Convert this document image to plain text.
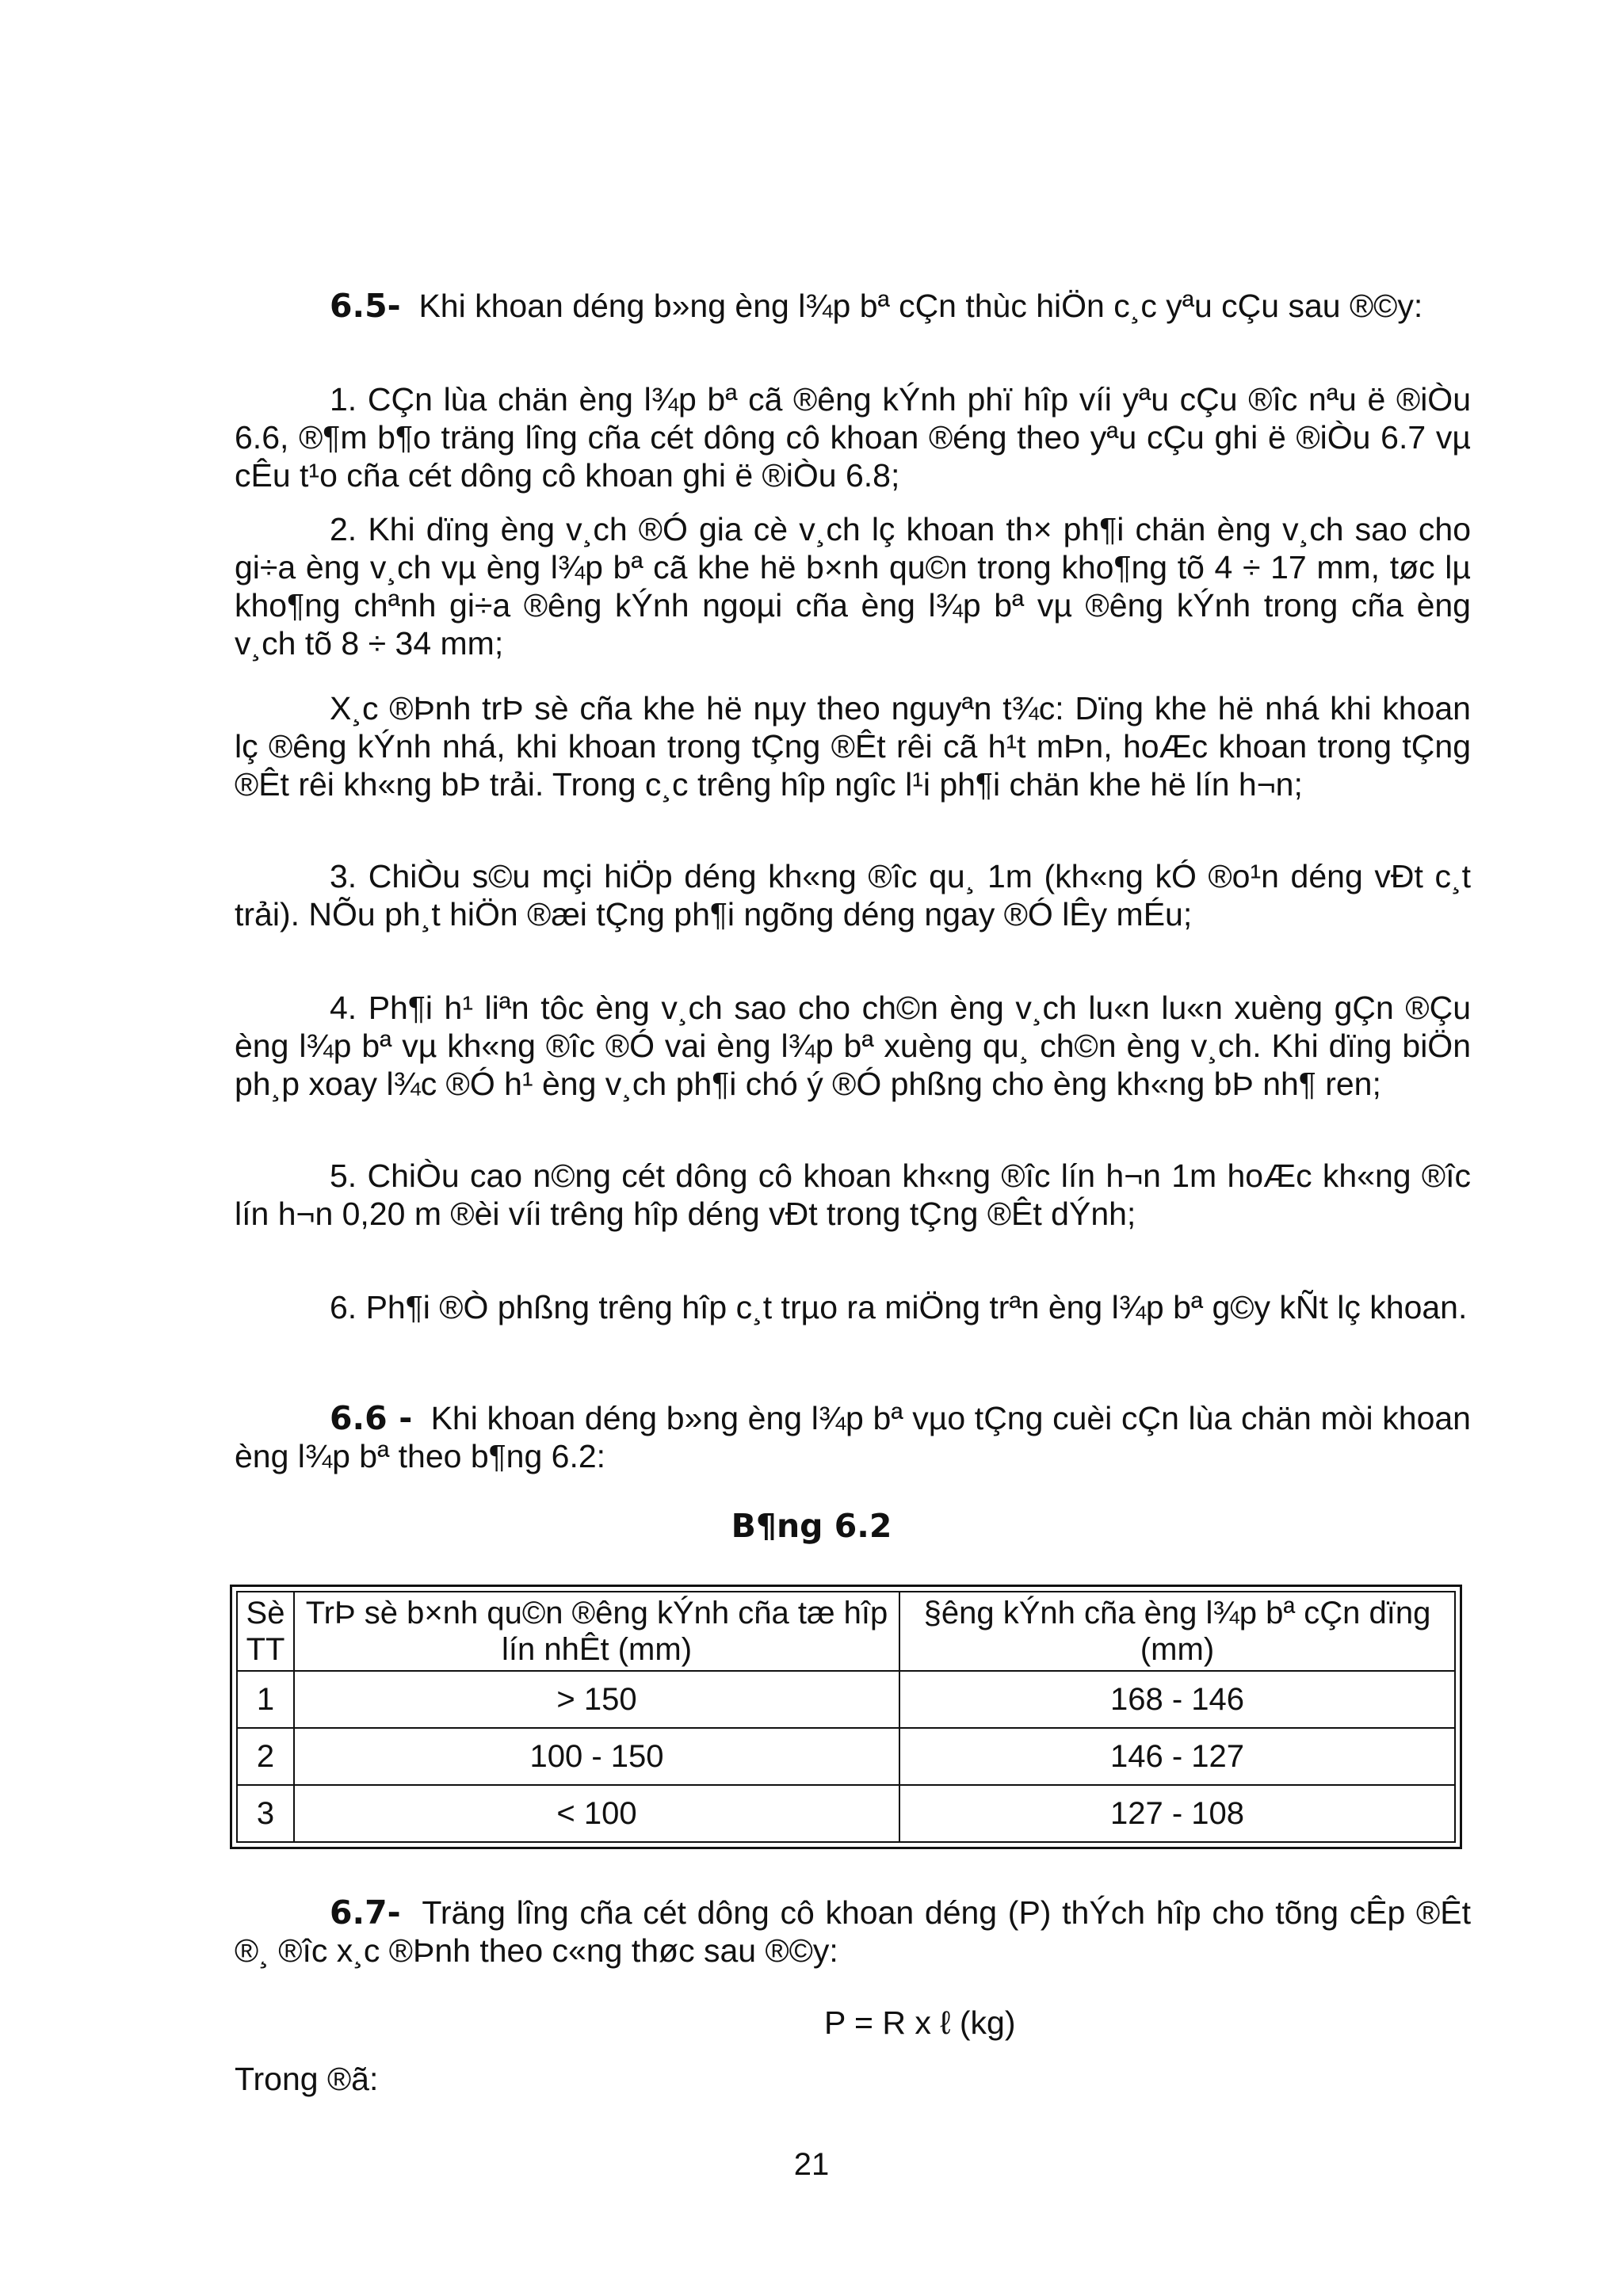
6.5- Khi khoan déng b»ng èng l¾p bª cÇn thùc hiÖn c¸c yªu cÇu sau ®©y:

1. CÇn lùa chän èng l¾p bª cã ®êng kÝnh phï hîp víi yªu cÇu ®îc nªu ë ®iÒu 6.6, ®¶m b¶o träng lîng cña cét dông cô khoan ®éng theo yªu cÇu ghi ë ®iÒu 6.7 vµ cÊu t¹o cña cét dông cô khoan ghi ë ®iÒu 6.8;

2. Khi dïng èng v¸ch ®Ó gia cè v¸ch lç khoan th× ph¶i chän èng v¸ch sao cho gi÷a èng v¸ch vµ èng l¾p bª cã khe hë b×nh qu©n trong kho¶ng tõ 4 ÷ 17 mm, tøc lµ kho¶ng chªnh gi÷a ®êng kÝnh ngoµi cña èng l¾p bª vµ ®êng kÝnh trong cña èng v¸ch tõ 8 ÷ 34 mm;

X¸c ®Þnh trÞ sè cña khe hë nµy theo nguyªn t¾c: Dïng khe hë nhá khi khoan lç ®êng kÝnh nhá, khi khoan trong tÇng ®Êt rêi cã h¹t mÞn, hoÆc khoan trong tÇng ®Êt rêi kh«ng bÞ trải. Trong c¸c trêng hîp ngîc l¹i ph¶i chän khe hë lín h¬n;

3. ChiÒu s©u mçi hiÖp déng kh«ng ®îc qu¸ 1m (kh«ng kÓ ®o¹n déng vÐt c¸t trải). NÕu ph¸t hiÖn ®æi tÇng ph¶i ngõng déng ngay ®Ó lÊy mÉu;

4. Ph¶i h¹ liªn tôc èng v¸ch sao cho ch©n èng v¸ch lu«n lu«n xuèng gÇn ®Çu èng l¾p bª vµ kh«ng ®îc ®Ó vai èng l¾p bª xuèng qu¸ ch©n èng v¸ch. Khi dïng biÖn ph¸p xoay l¾c ®Ó h¹ èng v¸ch ph¶i chó ý ®Ó phßng cho èng kh«ng bÞ nh¶ ren;

5. ChiÒu cao n©ng cét dông cô khoan kh«ng ®îc lín h¬n 1m hoÆc kh«ng ®îc lín h¬n 0,20 m ®èi víi trêng hîp déng vÐt trong tÇng ®Êt dÝnh;

6. Ph¶i ®Ò phßng trêng hîp c¸t trµo ra miÖng trªn èng l¾p bª g©y kÑt lç khoan.

6.6 - Khi khoan déng b»ng èng l¾p bª vµo tÇng cuèi cÇn lùa chän mòi khoan èng l¾p bª theo b¶ng 6.2:

B¶ng 6.2
Sè TT	TrÞ sè b×nh qu©n ®êng kÝnh cña tæ hîp lín nhÊt (mm)	§êng kÝnh cña èng l¾p bª cÇn dïng (mm)
1	> 150	168 - 146
2	100 - 150	146 - 127
3	< 100	127 - 108

6.7- Träng lîng cña cét dông cô khoan déng (P) thÝch hîp cho tõng cÊp ®Êt ®¸ ®îc x¸c ®Þnh theo c«ng thøc sau ®©y:

P = R x ℓ (kg)

Trong ®ã:

21
